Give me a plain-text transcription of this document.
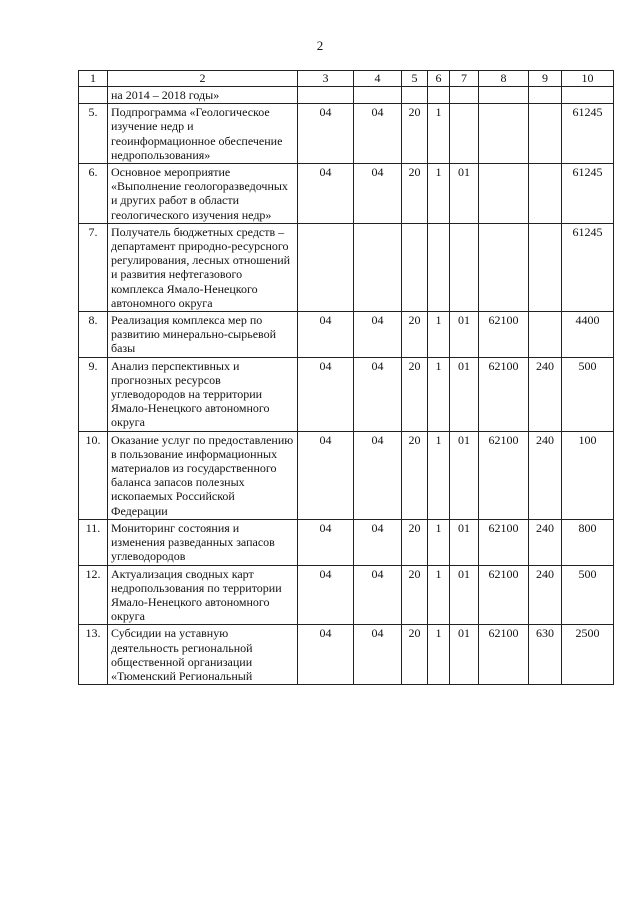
2
1	2	3	4	5	6	7	8	9	10
	на 2014 – 2018 годы»								
5.	Подпрограмма «Геологическое изучение недр и геоинформационное обеспечение недропользования»	04	04	20	1				61245
6.	Основное мероприятие «Выполнение геологоразведочных и других работ в области геологического изучения недр»	04	04	20	1	01			61245
7.	Получатель бюджетных средств – департамент природно-ресурсного регулирования, лесных отношений и развития нефтегазового комплекса Ямало-Ненецкого автономного округа								61245
8.	Реализация комплекса мер по развитию минерально-сырьевой базы	04	04	20	1	01	62100		4400
9.	Анализ перспективных и прогнозных ресурсов углеводородов на территории Ямало-Ненецкого автономного округа	04	04	20	1	01	62100	240	500
10.	Оказание услуг по предоставлению в пользование информационных материалов из государственного баланса запасов полезных ископаемых Российской Федерации	04	04	20	1	01	62100	240	100
11.	Мониторинг состояния и изменения разведанных запасов углеводородов	04	04	20	1	01	62100	240	800
12.	Актуализация сводных карт недропользования по территории Ямало-Ненецкого автономного округа	04	04	20	1	01	62100	240	500
13.	Субсидии на уставную деятельность региональной общественной организации «Тюменский Региональный	04	04	20	1	01	62100	630	2500
